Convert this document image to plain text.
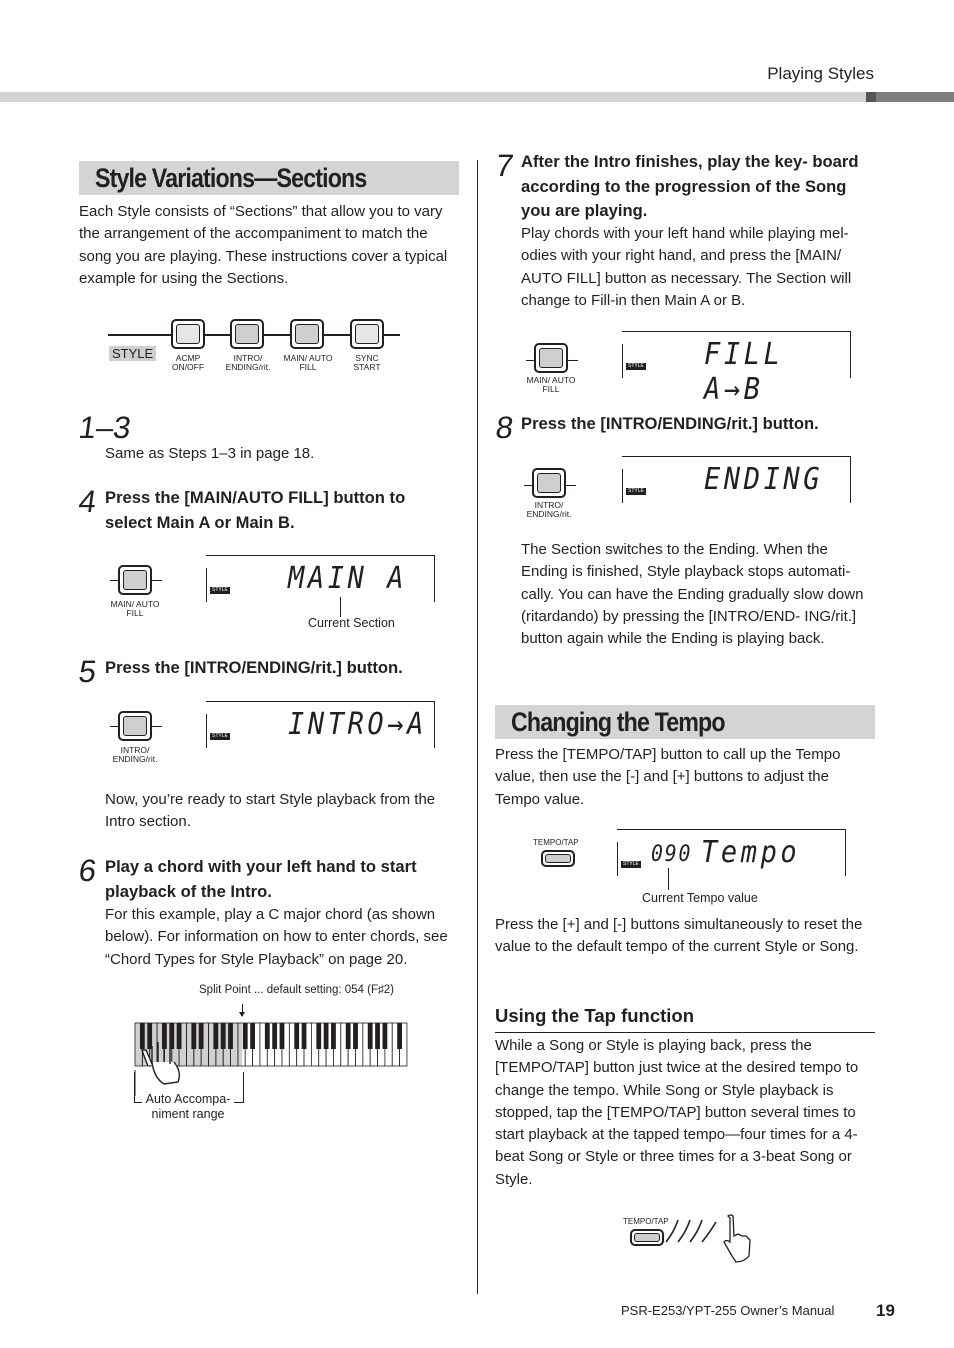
Playing Styles
Style Variations—Sections
Each Style consists of “Sections” that allow you to vary the arrangement of the accompaniment to match the song you are playing. These instructions cover a typical example for using the Sections.
STYLE	ACMP ON/OFF
INTRO/ ENDING/rit.
MAIN/ AUTO FILL
SYNC START
1–3
Same as Steps 1–3 in page 18.
4 Press the [MAIN/AUTO FILL] button to select Main A or Main B.
MAIN/ AUTO FILL
STYLE MAIN A
Current Section
5 Press the [INTRO/ENDING/rit.] button.
INTRO/ ENDING/rit.
STYLE INTRO→A
Now, you’re ready to start Style playback from the Intro section.
6 Play a chord with your left hand to start playback of the Intro.
For this example, play a C major chord (as shown below). For information on how to enter chords, see “Chord Types for Style Playback” on page 20.
Split Point ... default setting: 054 (F♯2)
Auto Accompa- niment range
7 After the Intro finishes, play the key- board according to the progression of the Song you are playing.
Play chords with your left hand while playing mel- odies with your right hand, and press the [MAIN/ AUTO FILL] button as necessary. The Section will change to Fill-in then Main A or B.
MAIN/ AUTO FILL
STYLE FILL A→B
8 Press the [INTRO/ENDING/rit.] button.
INTRO/ ENDING/rit.
STYLE ENDING
The Section switches to the Ending. When the Ending is finished, Style playback stops automati- cally. You can have the Ending gradually slow down (ritardando) by pressing the [INTRO/END- ING/rit.] button again while the Ending is playing back.
Changing the Tempo
Press the [TEMPO/TAP] button to call up the Tempo value, then use the [-] and [+] buttons to adjust the Tempo value.
TEMPO/TAP
STYLE 090 Tempo
Current Tempo value
Press the [+] and [-] buttons simultaneously to reset the value to the default tempo of the current Style or Song.
Using the Tap function
While a Song or Style is playing back, press the [TEMPO/TAP] button just twice at the desired tempo to change the tempo. While Song or Style playback is stopped, tap the [TEMPO/TAP] button several times to start playback at the tapped tempo—four times for a 4-beat Song or Style or three times for a 3-beat Song or Style.
TEMPO/TAP
PSR-E253/YPT-255 Owner’s Manual 19
